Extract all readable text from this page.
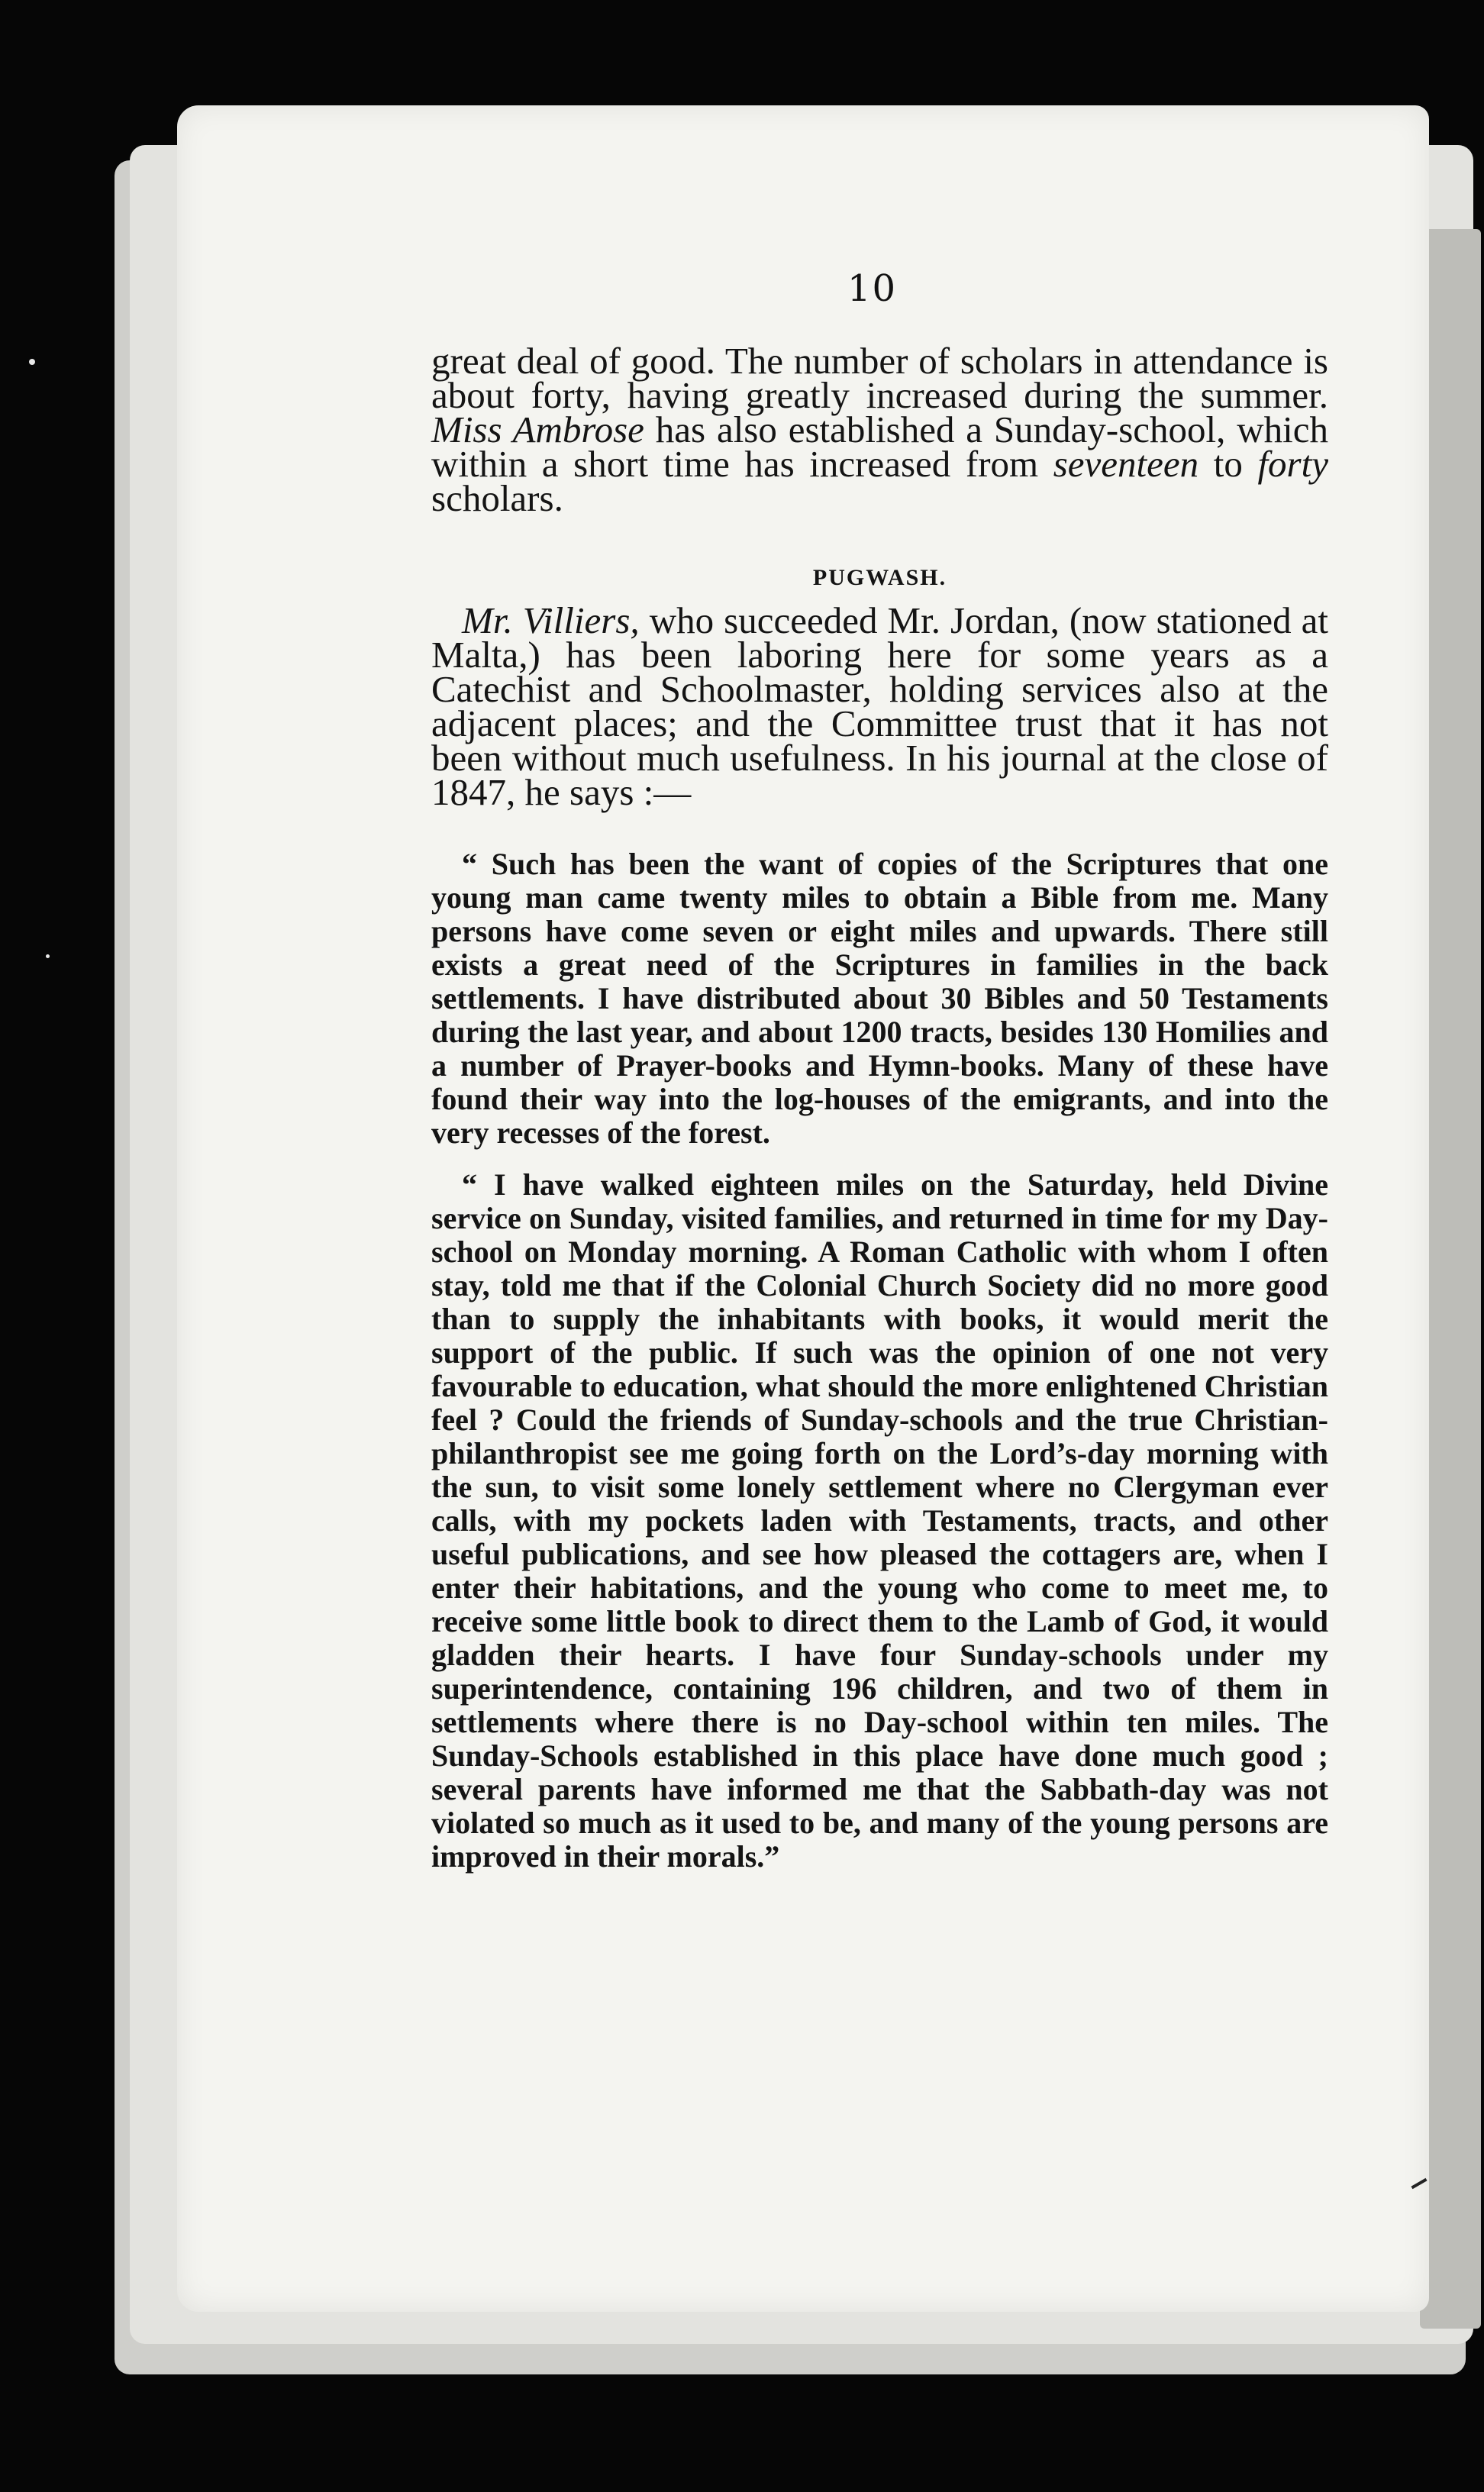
10

great deal of good. The number of scholars in attendance is about forty, having greatly increased during the summer. Miss Ambrose has also established a Sunday-school, which within a short time has increased from seventeen to forty scholars.

PUGWASH.

Mr. Villiers, who succeeded Mr. Jordan, (now stationed at Malta,) has been laboring here for some years as a Catechist and Schoolmaster, holding services also at the adjacent places; and the Committee trust that it has not been without much usefulness. In his journal at the close of 1847, he says :—

“ Such has been the want of copies of the Scriptures that one young man came twenty miles to obtain a Bible from me. Many persons have come seven or eight miles and upwards. There still exists a great need of the Scriptures in families in the back settlements. I have distributed about 30 Bibles and 50 Testaments during the last year, and about 1200 tracts, besides 130 Homilies and a number of Prayer-books and Hymn-books. Many of these have found their way into the log-houses of the emigrants, and into the very recesses of the forest.

“ I have walked eighteen miles on the Saturday, held Divine service on Sunday, visited families, and returned in time for my Day-school on Monday morning. A Roman Catholic with whom I often stay, told me that if the Colonial Church Society did no more good than to supply the inhabitants with books, it would merit the support of the public. If such was the opinion of one not very favourable to education, what should the more enlightened Christian feel ? Could the friends of Sunday-schools and the true Christian-philanthropist see me going forth on the Lord’s-day morning with the sun, to visit some lonely settlement where no Clergyman ever calls, with my pockets laden with Testaments, tracts, and other useful publications, and see how pleased the cottagers are, when I enter their habitations, and the young who come to meet me, to receive some little book to direct them to the Lamb of God, it would gladden their hearts. I have four Sunday-schools under my superintendence, containing 196 children, and two of them in settlements where there is no Day-school within ten miles. The Sunday-Schools established in this place have done much good ; several parents have informed me that the Sabbath-day was not violated so much as it used to be, and many of the young persons are improved in their morals.”
